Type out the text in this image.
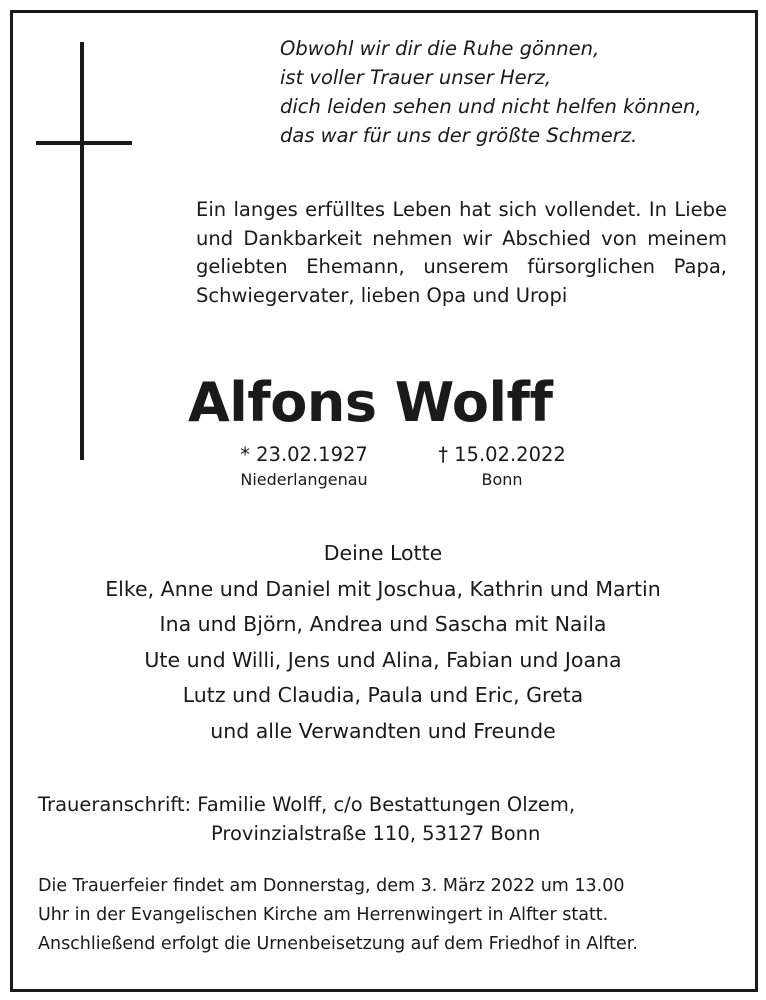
Obwohl wir dir die Ruhe gönnen,
ist voller Trauer unser Herz,
dich leiden sehen und nicht helfen können,
das war für uns der größte Schmerz.
Ein langes erfülltes Leben hat sich vollendet. In Liebe und Dankbarkeit nehmen wir Abschied von meinem geliebten Ehemann, unserem fürsorglichen Papa, Schwiegervater, lieben Opa und Uropi
Alfons Wolff
* 23.02.1927
Niederlangenau
† 15.02.2022
Bonn
Deine Lotte
Elke, Anne und Daniel mit Joschua, Kathrin und Martin
Ina und Björn, Andrea und Sascha mit Naila
Ute und Willi, Jens und Alina, Fabian und Joana
Lutz und Claudia, Paula und Eric, Greta
und alle Verwandten und Freunde
Traueranschrift: Familie Wolff, c/o Bestattungen Olzem,
Provinzialstraße 110, 53127 Bonn
Die Trauerfeier findet am Donnerstag, dem 3. März 2022 um 13.00
Uhr in der Evangelischen Kirche am Herrenwingert in Alfter statt.
Anschließend erfolgt die Urnenbeisetzung auf dem Friedhof in Alfter.
